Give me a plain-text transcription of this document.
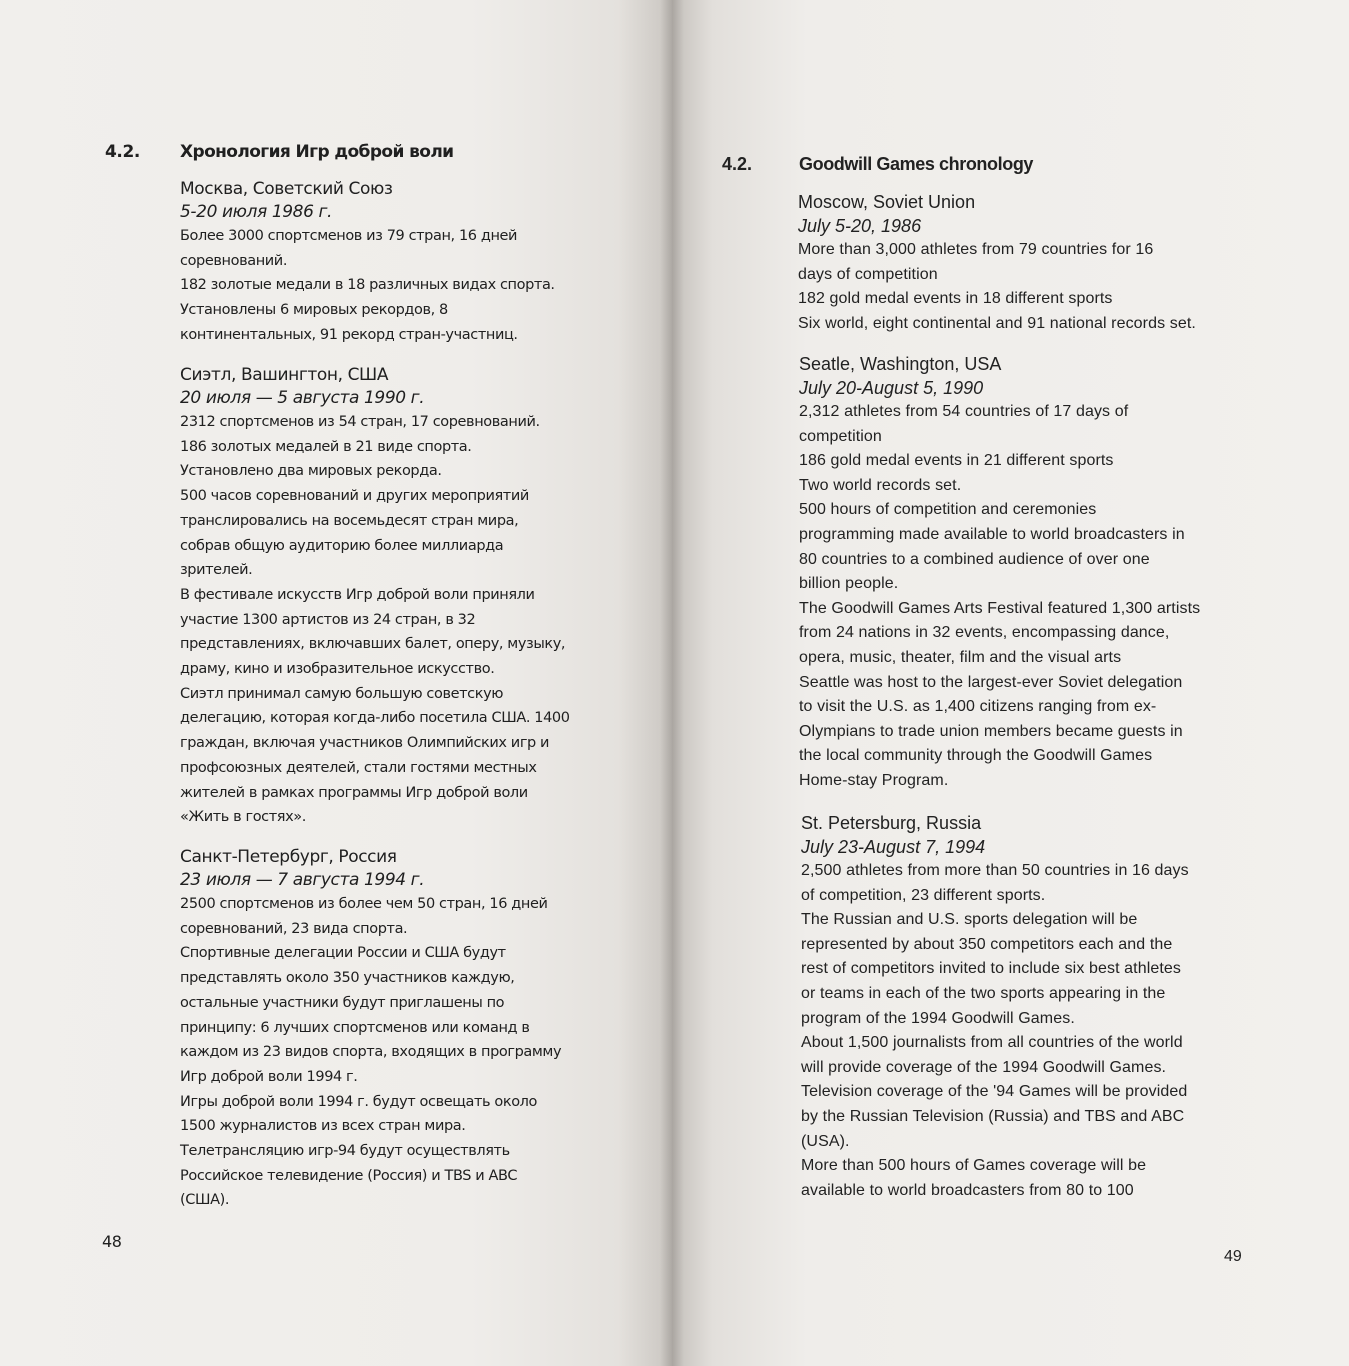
4.2. Хронология Игр доброй воли
Москва, Советский Союз
5-20 июля 1986 г.
Более 3000 спортсменов из 79 стран, 16 дней
соревнований.
182 золотые медали в 18 различных видах спорта.
Установлены 6 мировых рекордов, 8
континентальных, 91 рекорд стран-участниц.
Сиэтл, Вашингтон, США
20 июля — 5 августа 1990 г.
2312 спортсменов из 54 стран, 17 соревнований.
186 золотых медалей в 21 виде спорта.
Установлено два мировых рекорда.
500 часов соревнований и других мероприятий
транслировались на восемьдесят стран мира,
собрав общую аудиторию более миллиарда
зрителей.
В фестивале искусств Игр доброй воли приняли
участие 1300 артистов из 24 стран, в 32
представлениях, включавших балет, оперу, музыку,
драму, кино и изобразительное искусство.
Сиэтл принимал самую большую советскую
делегацию, которая когда-либо посетила США. 1400
граждан, включая участников Олимпийских игр и
профсоюзных деятелей, стали гостями местных
жителей в рамках программы Игр доброй воли
«Жить в гостях».
Санкт-Петербург, Россия
23 июля — 7 августа 1994 г.
2500 спортсменов из более чем 50 стран, 16 дней
соревнований, 23 вида спорта.
Спортивные делегации России и США будут
представлять около 350 участников каждую,
остальные участники будут приглашены по
принципу: 6 лучших спортсменов или команд в
каждом из 23 видов спорта, входящих в программу
Игр доброй воли 1994 г.
Игры доброй воли 1994 г. будут освещать около
1500 журналистов из всех стран мира.
Телетрансляцию игр-94 будут осуществлять
Российское телевидение (Россия) и TBS и ABC
(США).
48
4.2.	Goodwill Games chronology
Moscow, Soviet Union
July 5-20, 1986
More than 3,000 athletes from 79 countries for 16
days of competition
182 gold medal events in 18 different sports
Six world, eight continental and 91 national records set.
Seatle, Washington, USA
July 20-August 5, 1990
2,312 athletes from 54 countries of 17 days of
competition
186 gold medal events in 21 different sports
Two world records set.
500 hours of competition and ceremonies
programming made available to world broadcasters in
80 countries to a combined audience of over one
billion people.
The Goodwill Games Arts Festival featured 1,300 artists
from 24 nations in 32 events, encompassing dance,
opera, music, theater, film and the visual arts
Seattle was host to the largest-ever Soviet delegation
to visit the U.S. as 1,400 citizens ranging from ex-
Olympians to trade union members became guests in
the local community through the Goodwill Games
Home-stay Program.
St. Petersburg, Russia
July 23-August 7, 1994
2,500 athletes from more than 50 countries in 16 days
of competition, 23 different sports.
The Russian and U.S. sports delegation will be
represented by about 350 competitors each and the
rest of competitors invited to include six best athletes
or teams in each of the two sports appearing in the
program of the 1994 Goodwill Games.
About 1,500 journalists from all countries of the world
will provide coverage of the 1994 Goodwill Games.
Television coverage of the '94 Games will be provided
by the Russian Television (Russia) and TBS and ABC
(USA).
More than 500 hours of Games coverage will be
available to world broadcasters from 80 to 100
49
